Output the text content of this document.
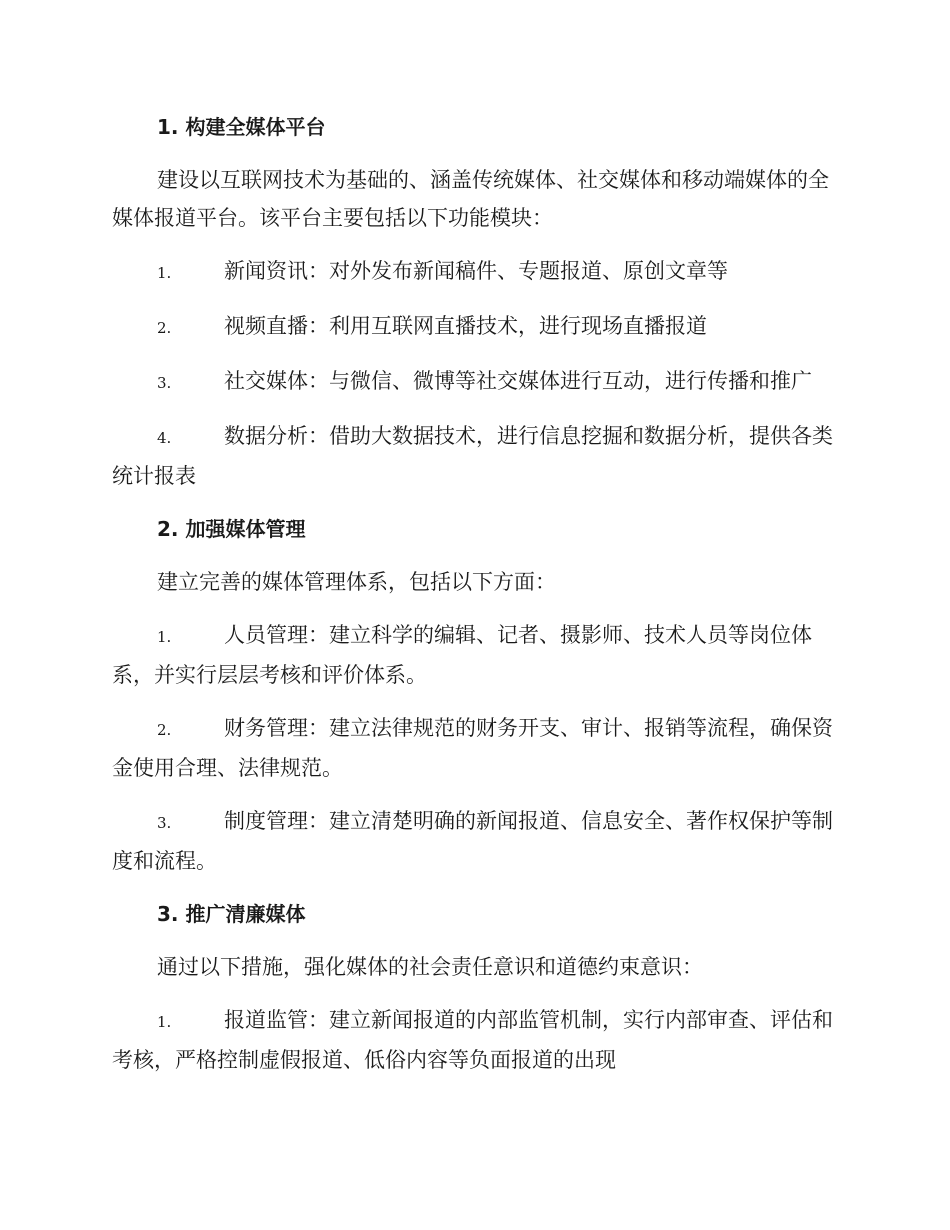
1. 构建全媒体平台
建设以互联网技术为基础的、涵盖传统媒体、社交媒体和移动端媒体的全媒体报道平台。该平台主要包括以下功能模块：
1.	新闻资讯：对外发布新闻稿件、专题报道、原创文章等
2.	视频直播：利用互联网直播技术，进行现场直播报道
3.	社交媒体：与微信、微博等社交媒体进行互动，进行传播和推广
4.	数据分析：借助大数据技术，进行信息挖掘和数据分析，提供各类统计报表
2. 加强媒体管理
建立完善的媒体管理体系，包括以下方面：
1.	人员管理：建立科学的编辑、记者、摄影师、技术人员等岗位体系，并实行层层考核和评价体系。
2.	财务管理：建立法律规范的财务开支、审计、报销等流程，确保资金使用合理、法律规范。
3.	制度管理：建立清楚明确的新闻报道、信息安全、著作权保护等制度和流程。
3. 推广清廉媒体
通过以下措施，强化媒体的社会责任意识和道德约束意识：
1.	报道监管：建立新闻报道的内部监管机制，实行内部审查、评估和考核，严格控制虚假报道、低俗内容等负面报道的出现
